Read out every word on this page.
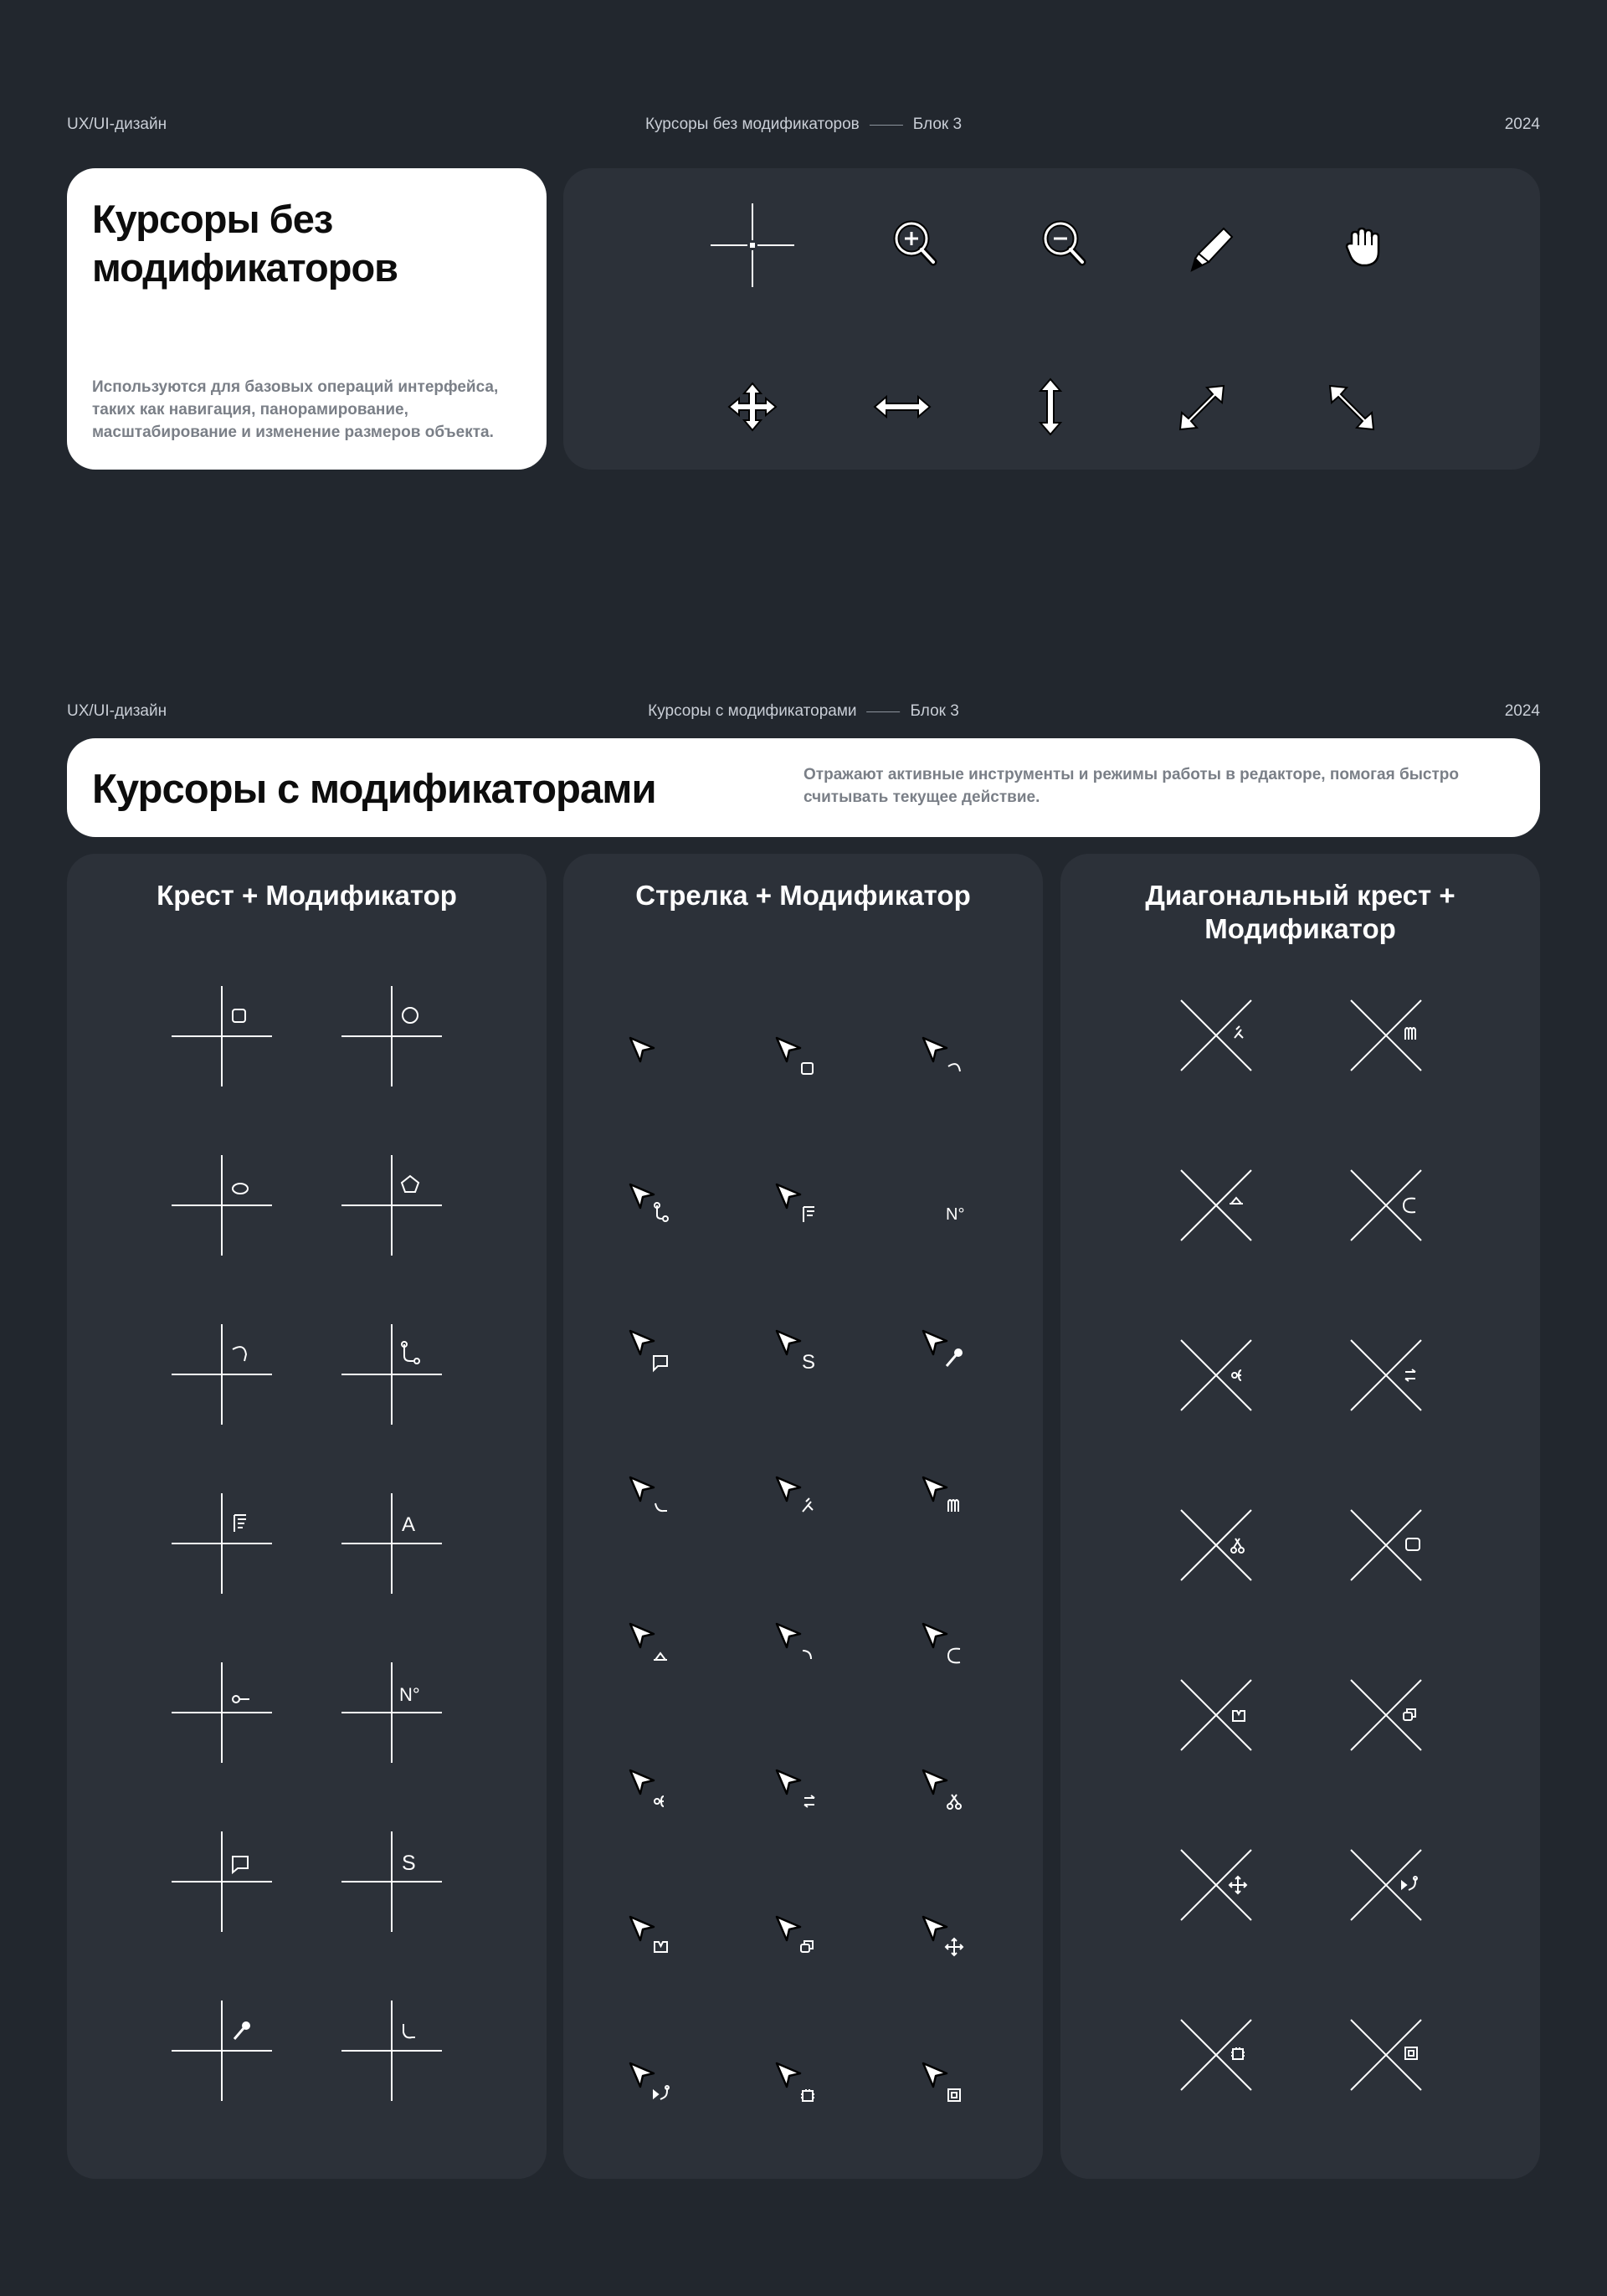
UX/UI-дизайн	Курсоры без модификаторов	Блок 3	2024
Курсоры без
модификаторов
Используются для базовых операций интерфейса,
таких как навигация, панорамирование,
масштабирование и изменение размеров объекта.
UX/UI-дизайн	Курсоры с модификаторами	Блок 3	2024
Курсоры с модификаторами	Отражают активные инструменты и режимы работы в редакторе, помогая быстро
считывать текущее действие.
Крест + Модификатор
A
N°
S
Стрелка + Модификатор
N°
S
Диагональный крест +
Модификатор
